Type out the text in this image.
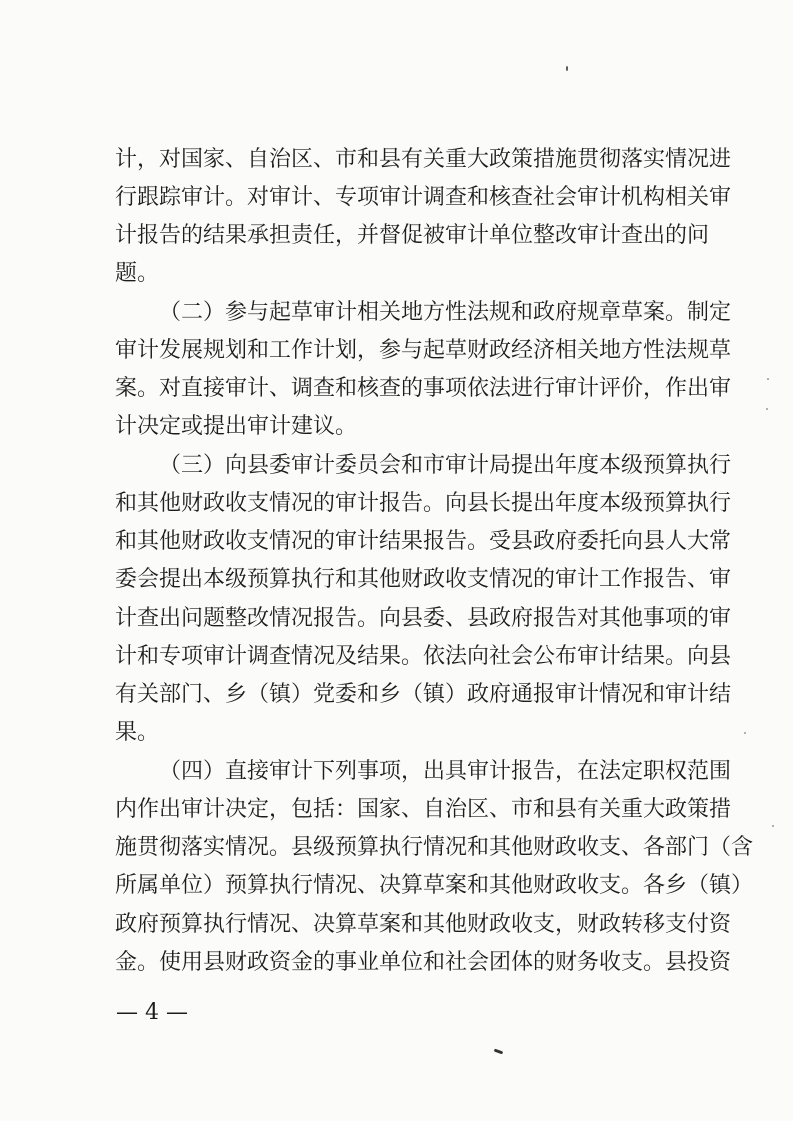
计，对国家、自治区、市和县有关重大政策措施贯彻落实情况进
行跟踪审计。对审计、专项审计调查和核查社会审计机构相关审
计报告的结果承担责任，并督促被审计单位整改审计查出的问
题。
（二）参与起草审计相关地方性法规和政府规章草案。制定
审计发展规划和工作计划，参与起草财政经济相关地方性法规草
案。对直接审计、调查和核查的事项依法进行审计评价，作出审
计决定或提出审计建议。
（三）向县委审计委员会和市审计局提出年度本级预算执行
和其他财政收支情况的审计报告。向县长提出年度本级预算执行
和其他财政收支情况的审计结果报告。受县政府委托向县人大常
委会提出本级预算执行和其他财政收支情况的审计工作报告、审
计查出问题整改情况报告。向县委、县政府报告对其他事项的审
计和专项审计调查情况及结果。依法向社会公布审计结果。向县
有关部门、乡（镇）党委和乡（镇）政府通报审计情况和审计结
果。
（四）直接审计下列事项，出具审计报告，在法定职权范围
内作出审计决定，包括：国家、自治区、市和县有关重大政策措
施贯彻落实情况。县级预算执行情况和其他财政收支、各部门（含
所属单位）预算执行情况、决算草案和其他财政收支。各乡（镇）
政府预算执行情况、决算草案和其他财政收支，财政转移支付资
金。使用县财政资金的事业单位和社会团体的财务收支。县投资
— 4 —
